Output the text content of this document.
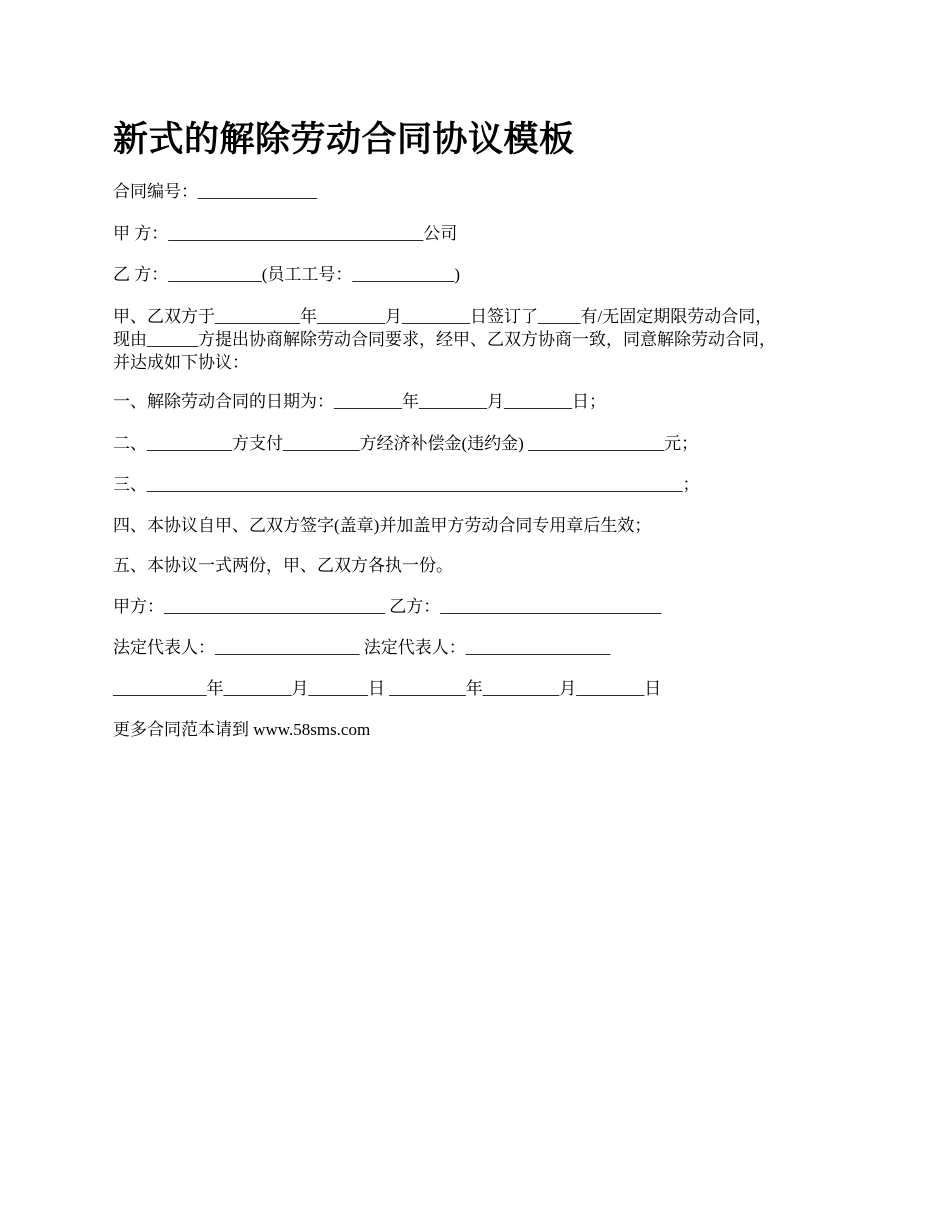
新式的解除劳动合同协议模板
合同编号：______________
甲 方：______________________________公司
乙 方：___________(员工工号：____________)
甲、乙双方于__________年________月________日签订了_____有/无固定期限劳动合同，
现由______方提出协商解除劳动合同要求，经甲、乙双方协商一致，同意解除劳动合同，
并达成如下协议：
一、解除劳动合同的日期为：________年________月________日；
二、__________方支付_________方经济补偿金(违约金) ________________元；
三、_______________________________________________________________；
四、本协议自甲、乙双方签字(盖章)并加盖甲方劳动合同专用章后生效；
五、本协议一式两份，甲、乙双方各执一份。
甲方：__________________________ 乙方：__________________________
法定代表人：_________________ 法定代表人：_________________
___________年________月_______日 _________年_________月________日
更多合同范本请到 www.58sms.com
